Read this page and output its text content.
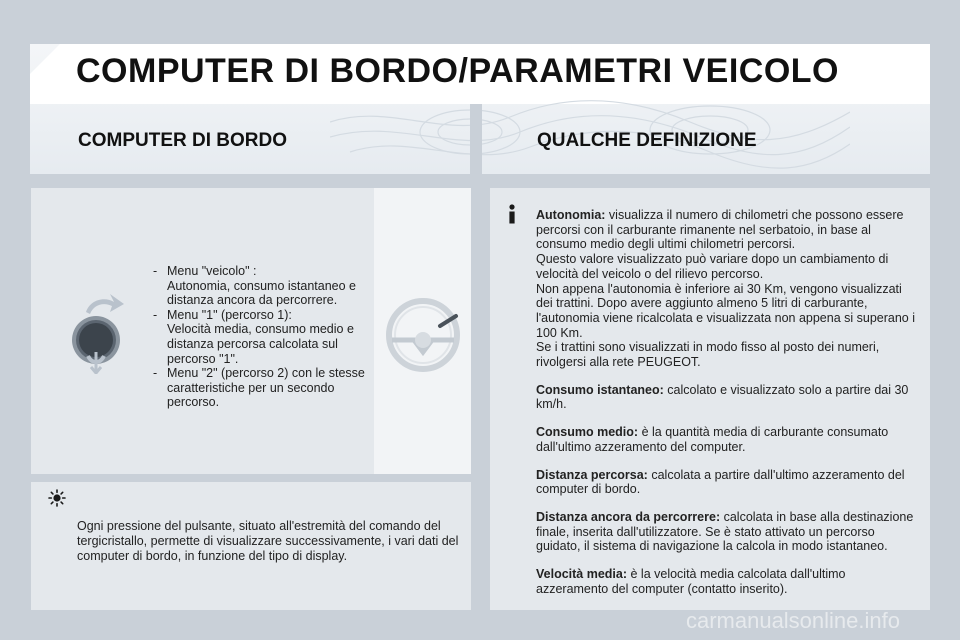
COMPUTER DI BORDO/PARAMETRI VEICOLO
COMPUTER DI BORDO	QUALCHE DEFINIZIONE
- Menu "veicolo" :
Autonomia, consumo istantaneo e distanza ancora da percorrere.
- Menu "1" (percorso 1):
Velocità media, consumo medio e distanza percorsa calcolata sul percorso "1".
- Menu "2" (percorso 2) con le stesse caratteristiche per un secondo percorso.
Ogni pressione del pulsante, situato all'estremità del comando del tergicristallo, permette di visualizzare successivamente, i vari dati del computer di bordo, in funzione del tipo di display.

Autonomia: visualizza il numero di chilometri che possono essere percorsi con il carburante rimanente nel serbatoio, in base al consumo medio degli ultimi chilometri percorsi.
Questo valore visualizzato può variare dopo un cambiamento di velocità del veicolo o del rilievo percorso.
Non appena l'autonomia è inferiore ai 30 Km, vengono visualizzati dei trattini. Dopo avere aggiunto almeno 5 litri di carburante, l'autonomia viene ricalcolata e visualizzata non appena si superano i 100 Km.
Se i trattini sono visualizzati in modo fisso al posto dei numeri, rivolgersi alla rete PEUGEOT.

Consumo istantaneo: calcolato e visualizzato solo a partire dai 30 km/h.

Consumo medio: è la quantità media di carburante consumato dall'ultimo azzeramento del computer.

Distanza percorsa: calcolata a partire dall'ultimo azzeramento del computer di bordo.

Distanza ancora da percorrere: calcolata in base alla destinazione finale, inserita dall'utilizzatore. Se è stato attivato un percorso guidato, il sistema di navigazione la calcola in modo istantaneo.

Velocità media: è la velocità media calcolata dall'ultimo azzeramento del computer (contatto inserito).

carmanualsonline.info
